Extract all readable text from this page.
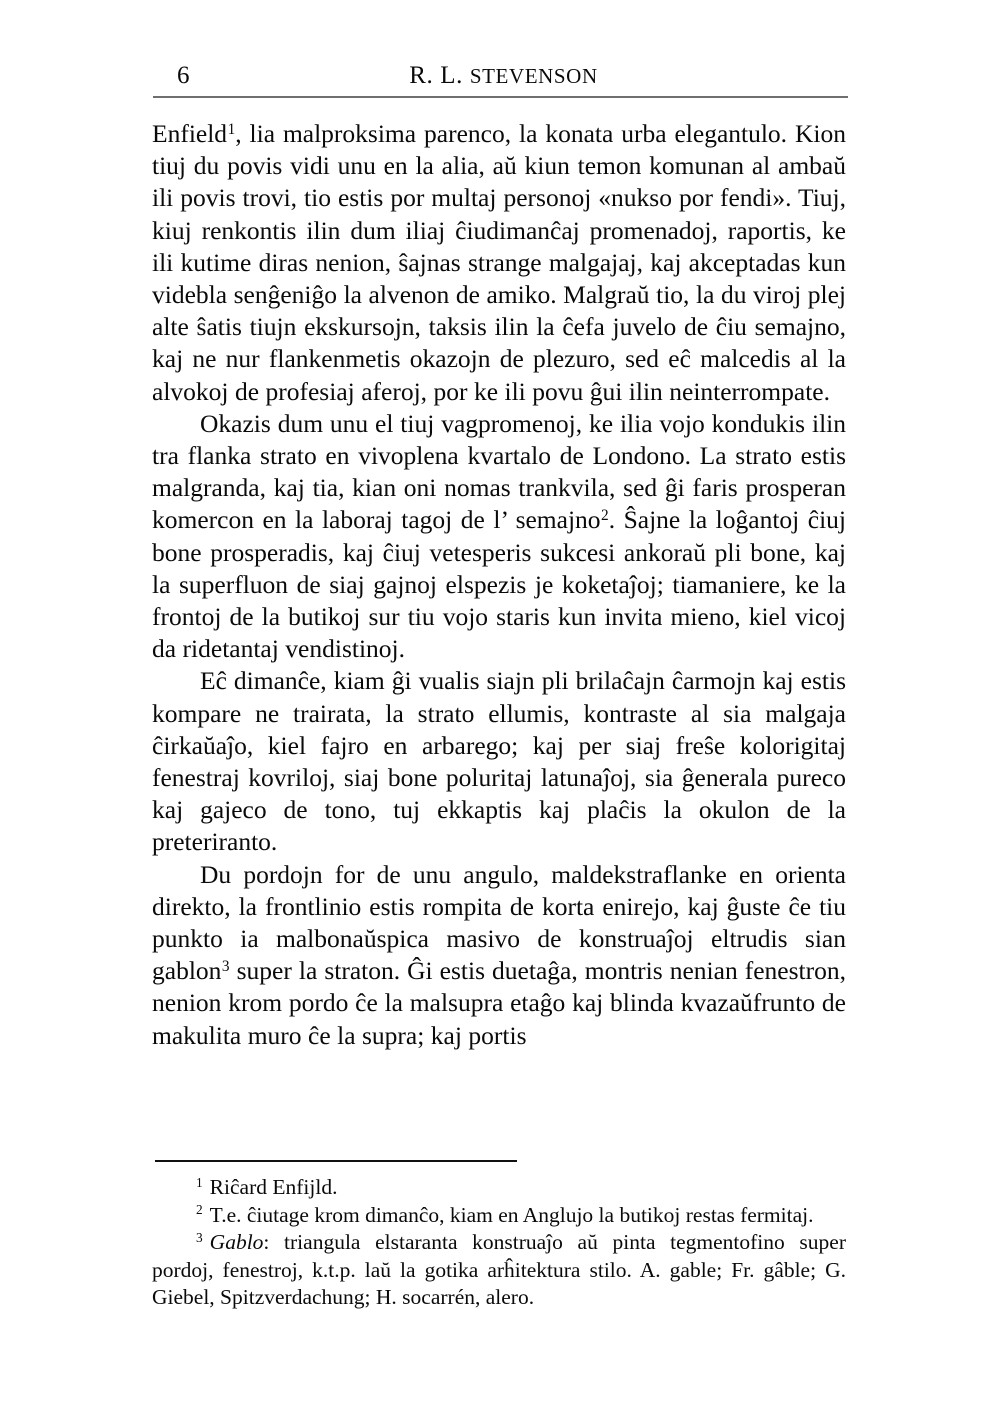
6	R. L. STEVENSON

Enfield$^1$, lia malproksima parenco, la konata urba elegantulo. Kion tiuj du povis vidi unu en la alia, aŭ kiun temon komunan al ambaŭ ili povis trovi, tio estis por multaj personoj «nukso por fendi». Tiuj, kiuj renkontis ilin dum iliaj ĉiudimanĉaj promenadoj, raportis, ke ili kutime diras nenion, ŝajnas strange malgajaj, kaj akceptadas kun videbla senĝeniĝo la alvenon de amiko. Malgraŭ tio, la du viroj plej alte ŝatis tiujn ekskursojn, taksis ilin la ĉefa juvelo de ĉiu semajno, kaj ne nur flankenmetis okazojn de plezuro, sed eĉ malcedis al la alvokoj de profesiaj aferoj, por ke ili povu ĝui ilin neinterrompate.

Okazis dum unu el tiuj vagpromenoj, ke ilia vojo kondukis ilin tra flanka strato en vivoplena kvartalo de Londono. La strato estis malgranda, kaj tia, kian oni nomas trankvila, sed ĝi faris prosperan komercon en la laboraj tagoj de l’ semajno$^2$. Ŝajne la loĝantoj ĉiuj bone prosperadis, kaj ĉiuj vetesperis sukcesi ankoraŭ pli bone, kaj la superfluon de siaj gajnoj elspezis je koketaĵoj; tiamaniere, ke la frontoj de la butikoj sur tiu vojo staris kun invita mieno, kiel vicoj da ridetantaj vendistinoj.

Eĉ dimanĉe, kiam ĝi vualis siajn pli brilaĉajn ĉarmojn kaj estis kompare ne trairata, la strato ellumis, kontraste al sia malgaja ĉirkaŭaĵo, kiel fajro en arbarego; kaj per siaj freŝe kolorigitaj fenestraj kovriloj, siaj bone poluritaj latunaĵoj, sia ĝenerala pureco kaj gajeco de tono, tuj ekkaptis kaj plaĉis la okulon de la preteriranto.

Du pordojn for de unu angulo, maldekstraflanke en orienta direkto, la frontlinio estis rompita de korta enirejo, kaj ĝuste ĉe tiu punkto ia malbonaŭspica masivo de konstruaĵoj eltrudis sian gablon$^3$ super la straton. Ĝi estis duetaĝa, montris nenian fenestron, nenion krom pordo ĉe la malsupra etaĝo kaj blinda kvazaŭfrunto de makulita muro ĉe la supra; kaj portis

$^1$ Riĉard Enfijld.

$^2$ T.e. ĉiutage krom dimanĉo, kiam en Anglujo la butikoj restas fermitaj.

$^3$ Gablo: triangula elstaranta konstruaĵo aŭ pinta tegmentofino super pordoj, fenestroj, k.t.p. laŭ la gotika arĥitektura stilo. A. gable; Fr. gâble; G. Giebel, Spitzverdachung; H. socarrén, alero.
